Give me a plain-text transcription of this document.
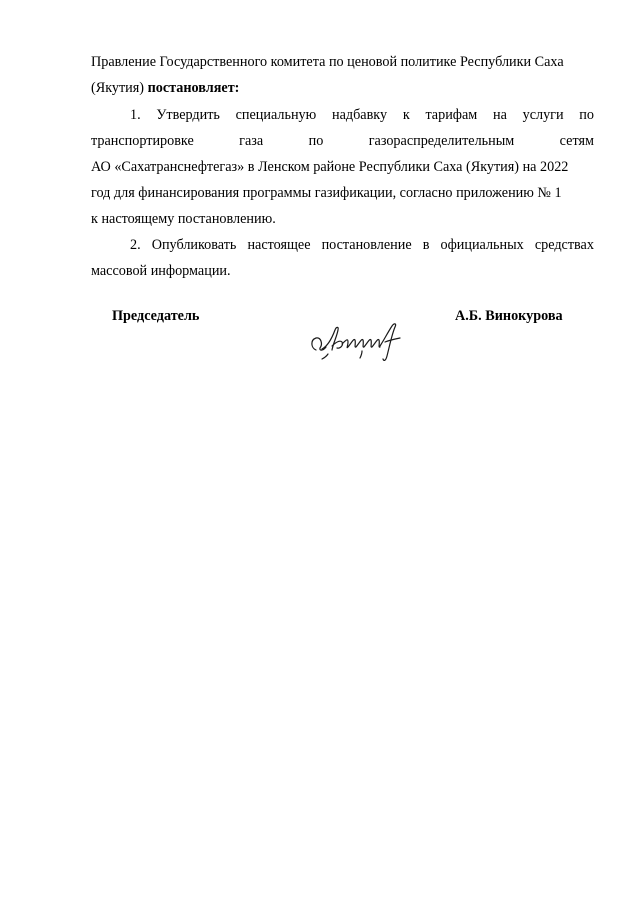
Правление Государственного комитета по ценовой политике Республики Саха
(Якутия) постановляет:
1. Утвердить специальную надбавку к тарифам на услуги по
транспортировке	газа	по	газораспределительным	сетям
АО «Сахатранснефтегаз» в Ленском районе Республики Саха (Якутия) на 2022
год для финансирования программы газификации, согласно приложению № 1
к настоящему постановлению.
2. Опубликовать настоящее постановление в официальных средствах
массовой информации.
Председатель	А.Б. Винокурова
